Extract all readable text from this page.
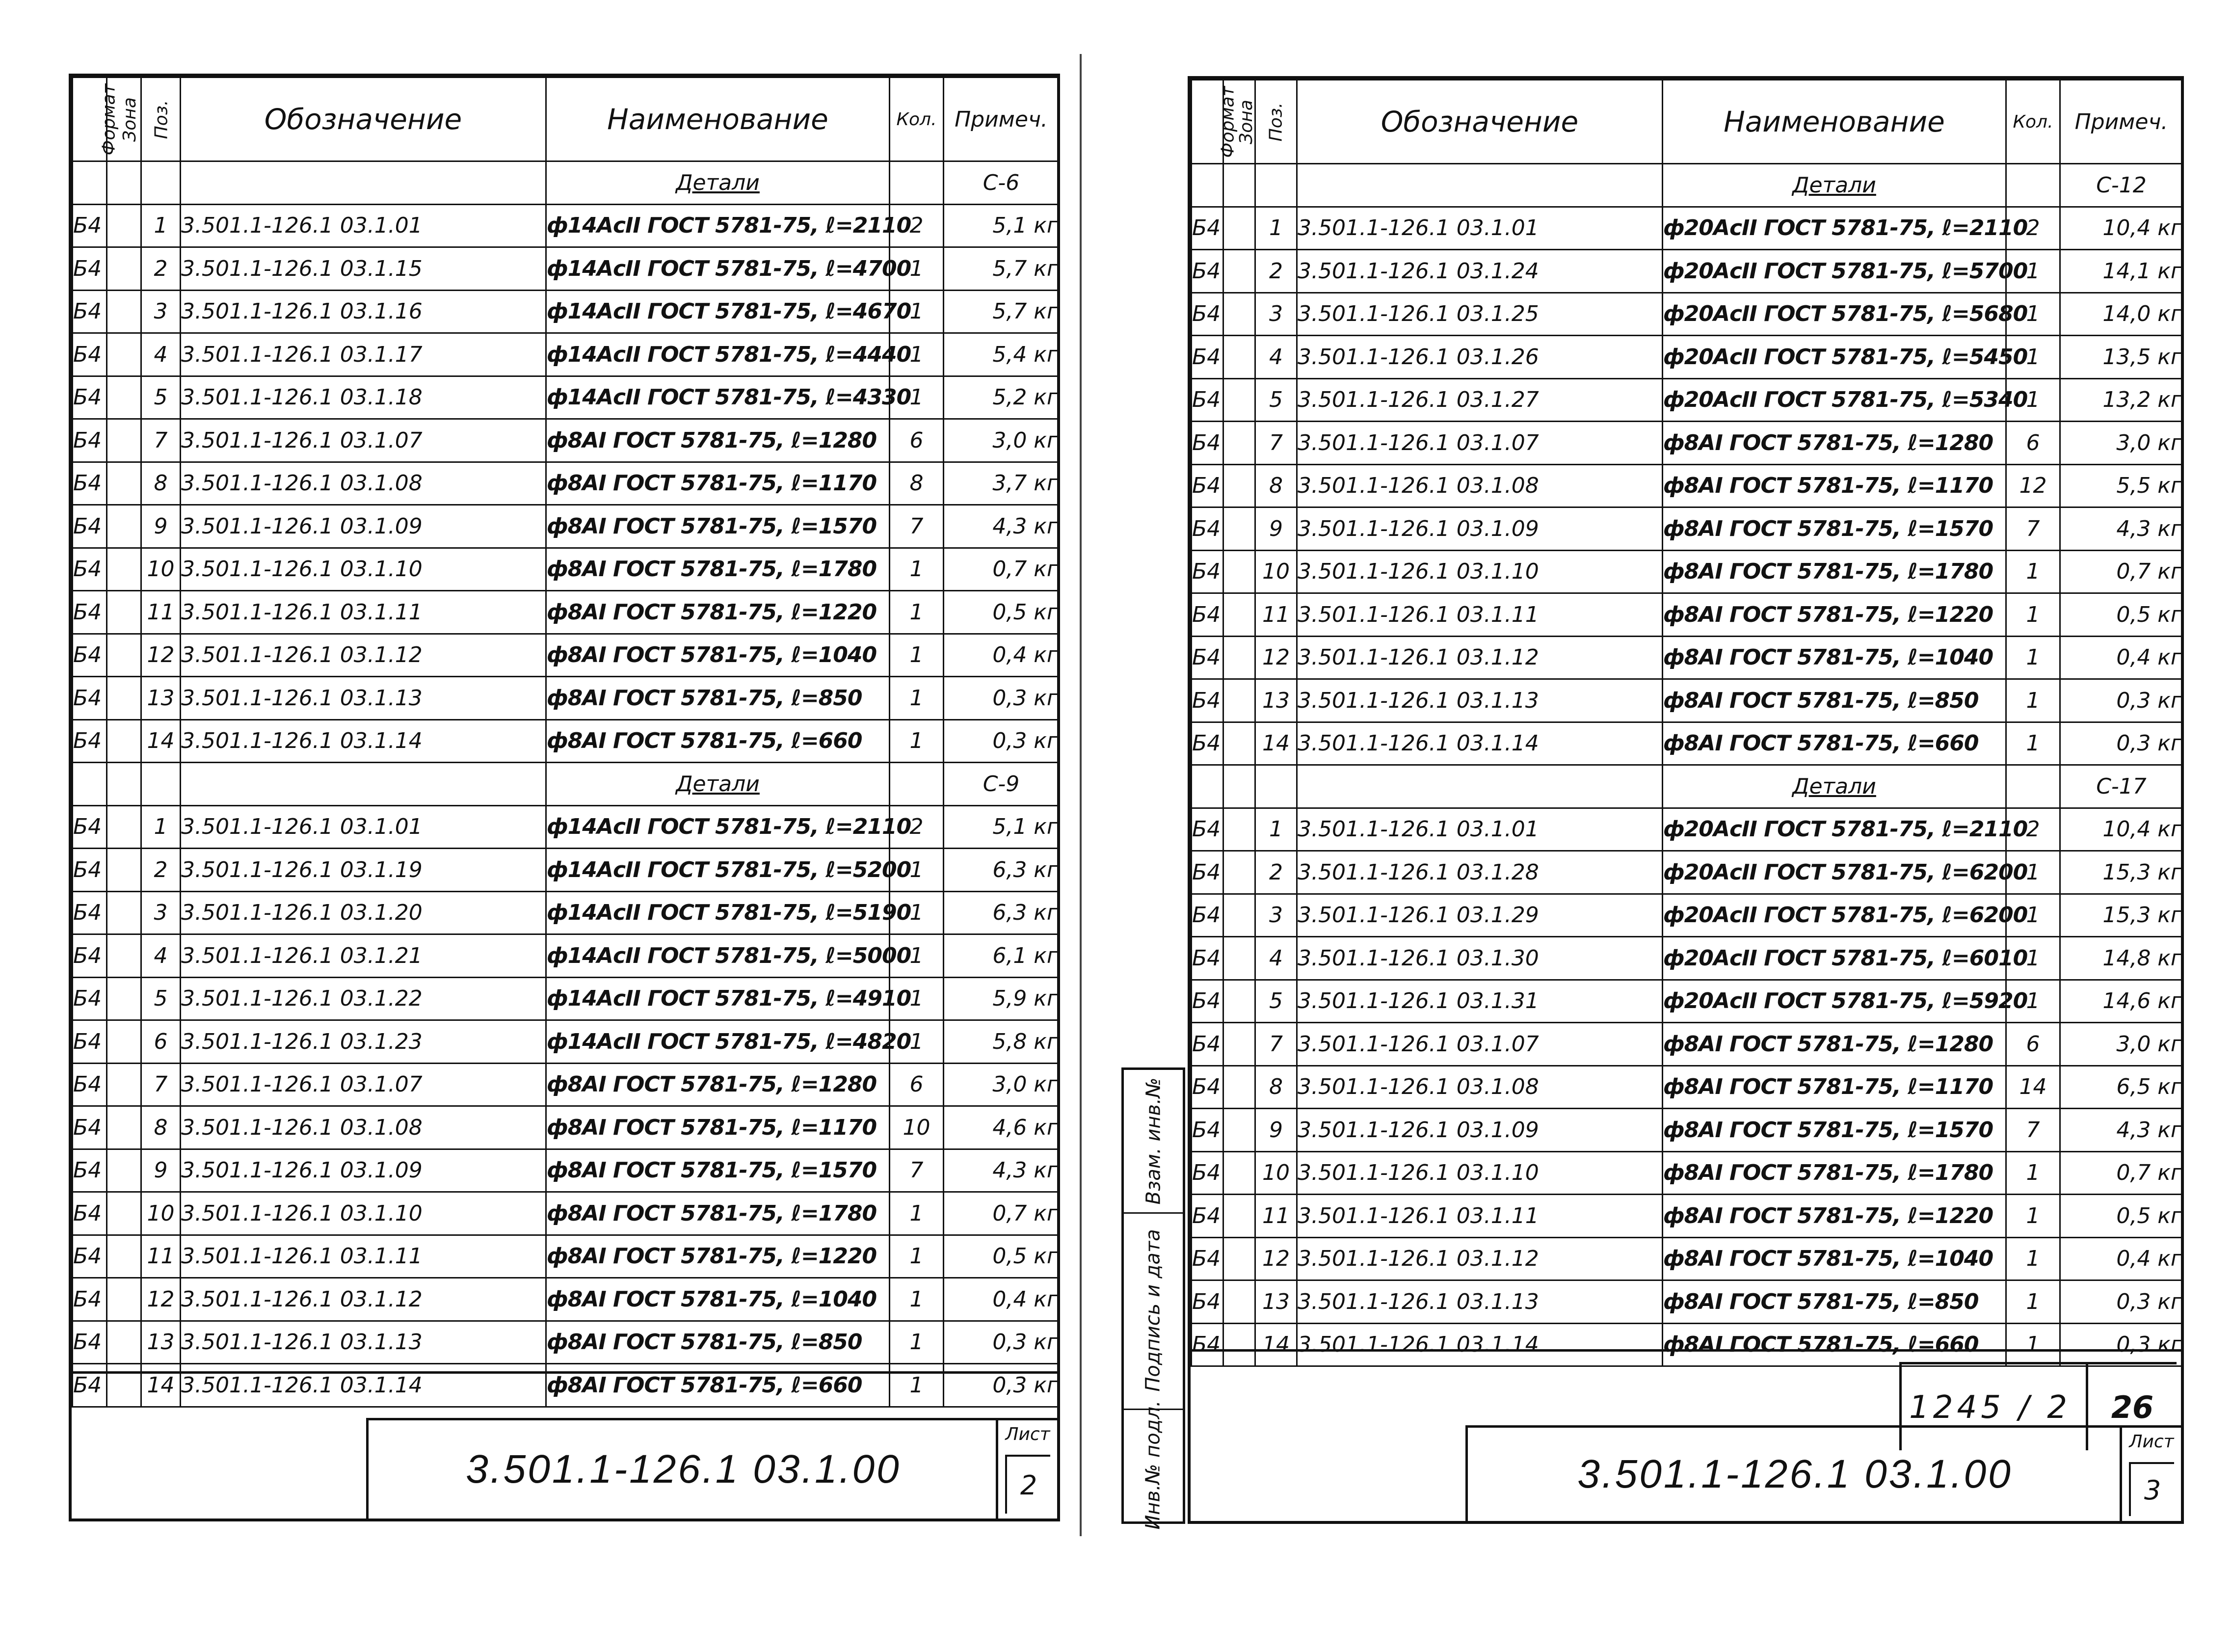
Формат	Зона	Поз.	Обозначение	Наименование	Кол.	Примеч.
				Детали		С-6
Б4		1	3.501.1-126.1 03.1.01	ф14АсII ГОСТ 5781-75, ℓ=2110	2	5,1 кг
Б4		2	3.501.1-126.1 03.1.15	ф14АсII ГОСТ 5781-75, ℓ=4700	1	5,7 кг
Б4		3	3.501.1-126.1 03.1.16	ф14АсII ГОСТ 5781-75, ℓ=4670	1	5,7 кг
Б4		4	3.501.1-126.1 03.1.17	ф14АсII ГОСТ 5781-75, ℓ=4440	1	5,4 кг
Б4		5	3.501.1-126.1 03.1.18	ф14АсII ГОСТ 5781-75, ℓ=4330	1	5,2 кг
Б4		7	3.501.1-126.1 03.1.07	ф8АI ГОСТ 5781-75, ℓ=1280	6	3,0 кг
Б4		8	3.501.1-126.1 03.1.08	ф8АI ГОСТ 5781-75, ℓ=1170	8	3,7 кг
Б4		9	3.501.1-126.1 03.1.09	ф8АI ГОСТ 5781-75, ℓ=1570	7	4,3 кг
Б4		10	3.501.1-126.1 03.1.10	ф8АI ГОСТ 5781-75, ℓ=1780	1	0,7 кг
Б4		11	3.501.1-126.1 03.1.11	ф8АI ГОСТ 5781-75, ℓ=1220	1	0,5 кг
Б4		12	3.501.1-126.1 03.1.12	ф8АI ГОСТ 5781-75, ℓ=1040	1	0,4 кг
Б4		13	3.501.1-126.1 03.1.13	ф8АI ГОСТ 5781-75, ℓ=850	1	0,3 кг
Б4		14	3.501.1-126.1 03.1.14	ф8АI ГОСТ 5781-75, ℓ=660	1	0,3 кг
				Детали		С-9
Б4		1	3.501.1-126.1 03.1.01	ф14АсII ГОСТ 5781-75, ℓ=2110	2	5,1 кг
Б4		2	3.501.1-126.1 03.1.19	ф14АсII ГОСТ 5781-75, ℓ=5200	1	6,3 кг
Б4		3	3.501.1-126.1 03.1.20	ф14АсII ГОСТ 5781-75, ℓ=5190	1	6,3 кг
Б4		4	3.501.1-126.1 03.1.21	ф14АсII ГОСТ 5781-75, ℓ=5000	1	6,1 кг
Б4		5	3.501.1-126.1 03.1.22	ф14АсII ГОСТ 5781-75, ℓ=4910	1	5,9 кг
Б4		6	3.501.1-126.1 03.1.23	ф14АсII ГОСТ 5781-75, ℓ=4820	1	5,8 кг
Б4		7	3.501.1-126.1 03.1.07	ф8АI ГОСТ 5781-75, ℓ=1280	6	3,0 кг
Б4		8	3.501.1-126.1 03.1.08	ф8АI ГОСТ 5781-75, ℓ=1170	10	4,6 кг
Б4		9	3.501.1-126.1 03.1.09	ф8АI ГОСТ 5781-75, ℓ=1570	7	4,3 кг
Б4		10	3.501.1-126.1 03.1.10	ф8АI ГОСТ 5781-75, ℓ=1780	1	0,7 кг
Б4		11	3.501.1-126.1 03.1.11	ф8АI ГОСТ 5781-75, ℓ=1220	1	0,5 кг
Б4		12	3.501.1-126.1 03.1.12	ф8АI ГОСТ 5781-75, ℓ=1040	1	0,4 кг
Б4		13	3.501.1-126.1 03.1.13	ф8АI ГОСТ 5781-75, ℓ=850	1	0,3 кг
Б4		14	3.501.1-126.1 03.1.14	ф8АI ГОСТ 5781-75, ℓ=660	1	0,3 кг
3.501.1-126.1 03.1.00
Лист
2
Формат	Зона	Поз.	Обозначение	Наименование	Кол.	Примеч.
				Детали		С-12
Б4		1	3.501.1-126.1 03.1.01	ф20АсII ГОСТ 5781-75, ℓ=2110	2	10,4 кг
Б4		2	3.501.1-126.1 03.1.24	ф20АсII ГОСТ 5781-75, ℓ=5700	1	14,1 кг
Б4		3	3.501.1-126.1 03.1.25	ф20АсII ГОСТ 5781-75, ℓ=5680	1	14,0 кг
Б4		4	3.501.1-126.1 03.1.26	ф20АсII ГОСТ 5781-75, ℓ=5450	1	13,5 кг
Б4		5	3.501.1-126.1 03.1.27	ф20АсII ГОСТ 5781-75, ℓ=5340	1	13,2 кг
Б4		7	3.501.1-126.1 03.1.07	ф8АI ГОСТ 5781-75, ℓ=1280	6	3,0 кг
Б4		8	3.501.1-126.1 03.1.08	ф8АI ГОСТ 5781-75, ℓ=1170	12	5,5 кг
Б4		9	3.501.1-126.1 03.1.09	ф8АI ГОСТ 5781-75, ℓ=1570	7	4,3 кг
Б4		10	3.501.1-126.1 03.1.10	ф8АI ГОСТ 5781-75, ℓ=1780	1	0,7 кг
Б4		11	3.501.1-126.1 03.1.11	ф8АI ГОСТ 5781-75, ℓ=1220	1	0,5 кг
Б4		12	3.501.1-126.1 03.1.12	ф8АI ГОСТ 5781-75, ℓ=1040	1	0,4 кг
Б4		13	3.501.1-126.1 03.1.13	ф8АI ГОСТ 5781-75, ℓ=850	1	0,3 кг
Б4		14	3.501.1-126.1 03.1.14	ф8АI ГОСТ 5781-75, ℓ=660	1	0,3 кг
				Детали		С-17
Б4		1	3.501.1-126.1 03.1.01	ф20АсII ГОСТ 5781-75, ℓ=2110	2	10,4 кг
Б4		2	3.501.1-126.1 03.1.28	ф20АсII ГОСТ 5781-75, ℓ=6200	1	15,3 кг
Б4		3	3.501.1-126.1 03.1.29	ф20АсII ГОСТ 5781-75, ℓ=6200	1	15,3 кг
Б4		4	3.501.1-126.1 03.1.30	ф20АсII ГОСТ 5781-75, ℓ=6010	1	14,8 кг
Б4		5	3.501.1-126.1 03.1.31	ф20АсII ГОСТ 5781-75, ℓ=5920	1	14,6 кг
Б4		7	3.501.1-126.1 03.1.07	ф8АI ГОСТ 5781-75, ℓ=1280	6	3,0 кг
Б4		8	3.501.1-126.1 03.1.08	ф8АI ГОСТ 5781-75, ℓ=1170	14	6,5 кг
Б4		9	3.501.1-126.1 03.1.09	ф8АI ГОСТ 5781-75, ℓ=1570	7	4,3 кг
Б4		10	3.501.1-126.1 03.1.10	ф8АI ГОСТ 5781-75, ℓ=1780	1	0,7 кг
Б4		11	3.501.1-126.1 03.1.11	ф8АI ГОСТ 5781-75, ℓ=1220	1	0,5 кг
Б4		12	3.501.1-126.1 03.1.12	ф8АI ГОСТ 5781-75, ℓ=1040	1	0,4 кг
Б4		13	3.501.1-126.1 03.1.13	ф8АI ГОСТ 5781-75, ℓ=850	1	0,3 кг
Б4		14	3.501.1-126.1 03.1.14	ф8АI ГОСТ 5781-75, ℓ=660	1	0,3 кг
3.501.1-126.1 03.1.00
Лист
3
1245 / 2	26
Взам. инв.№
Подпись и дата
Инв.№ подл.
